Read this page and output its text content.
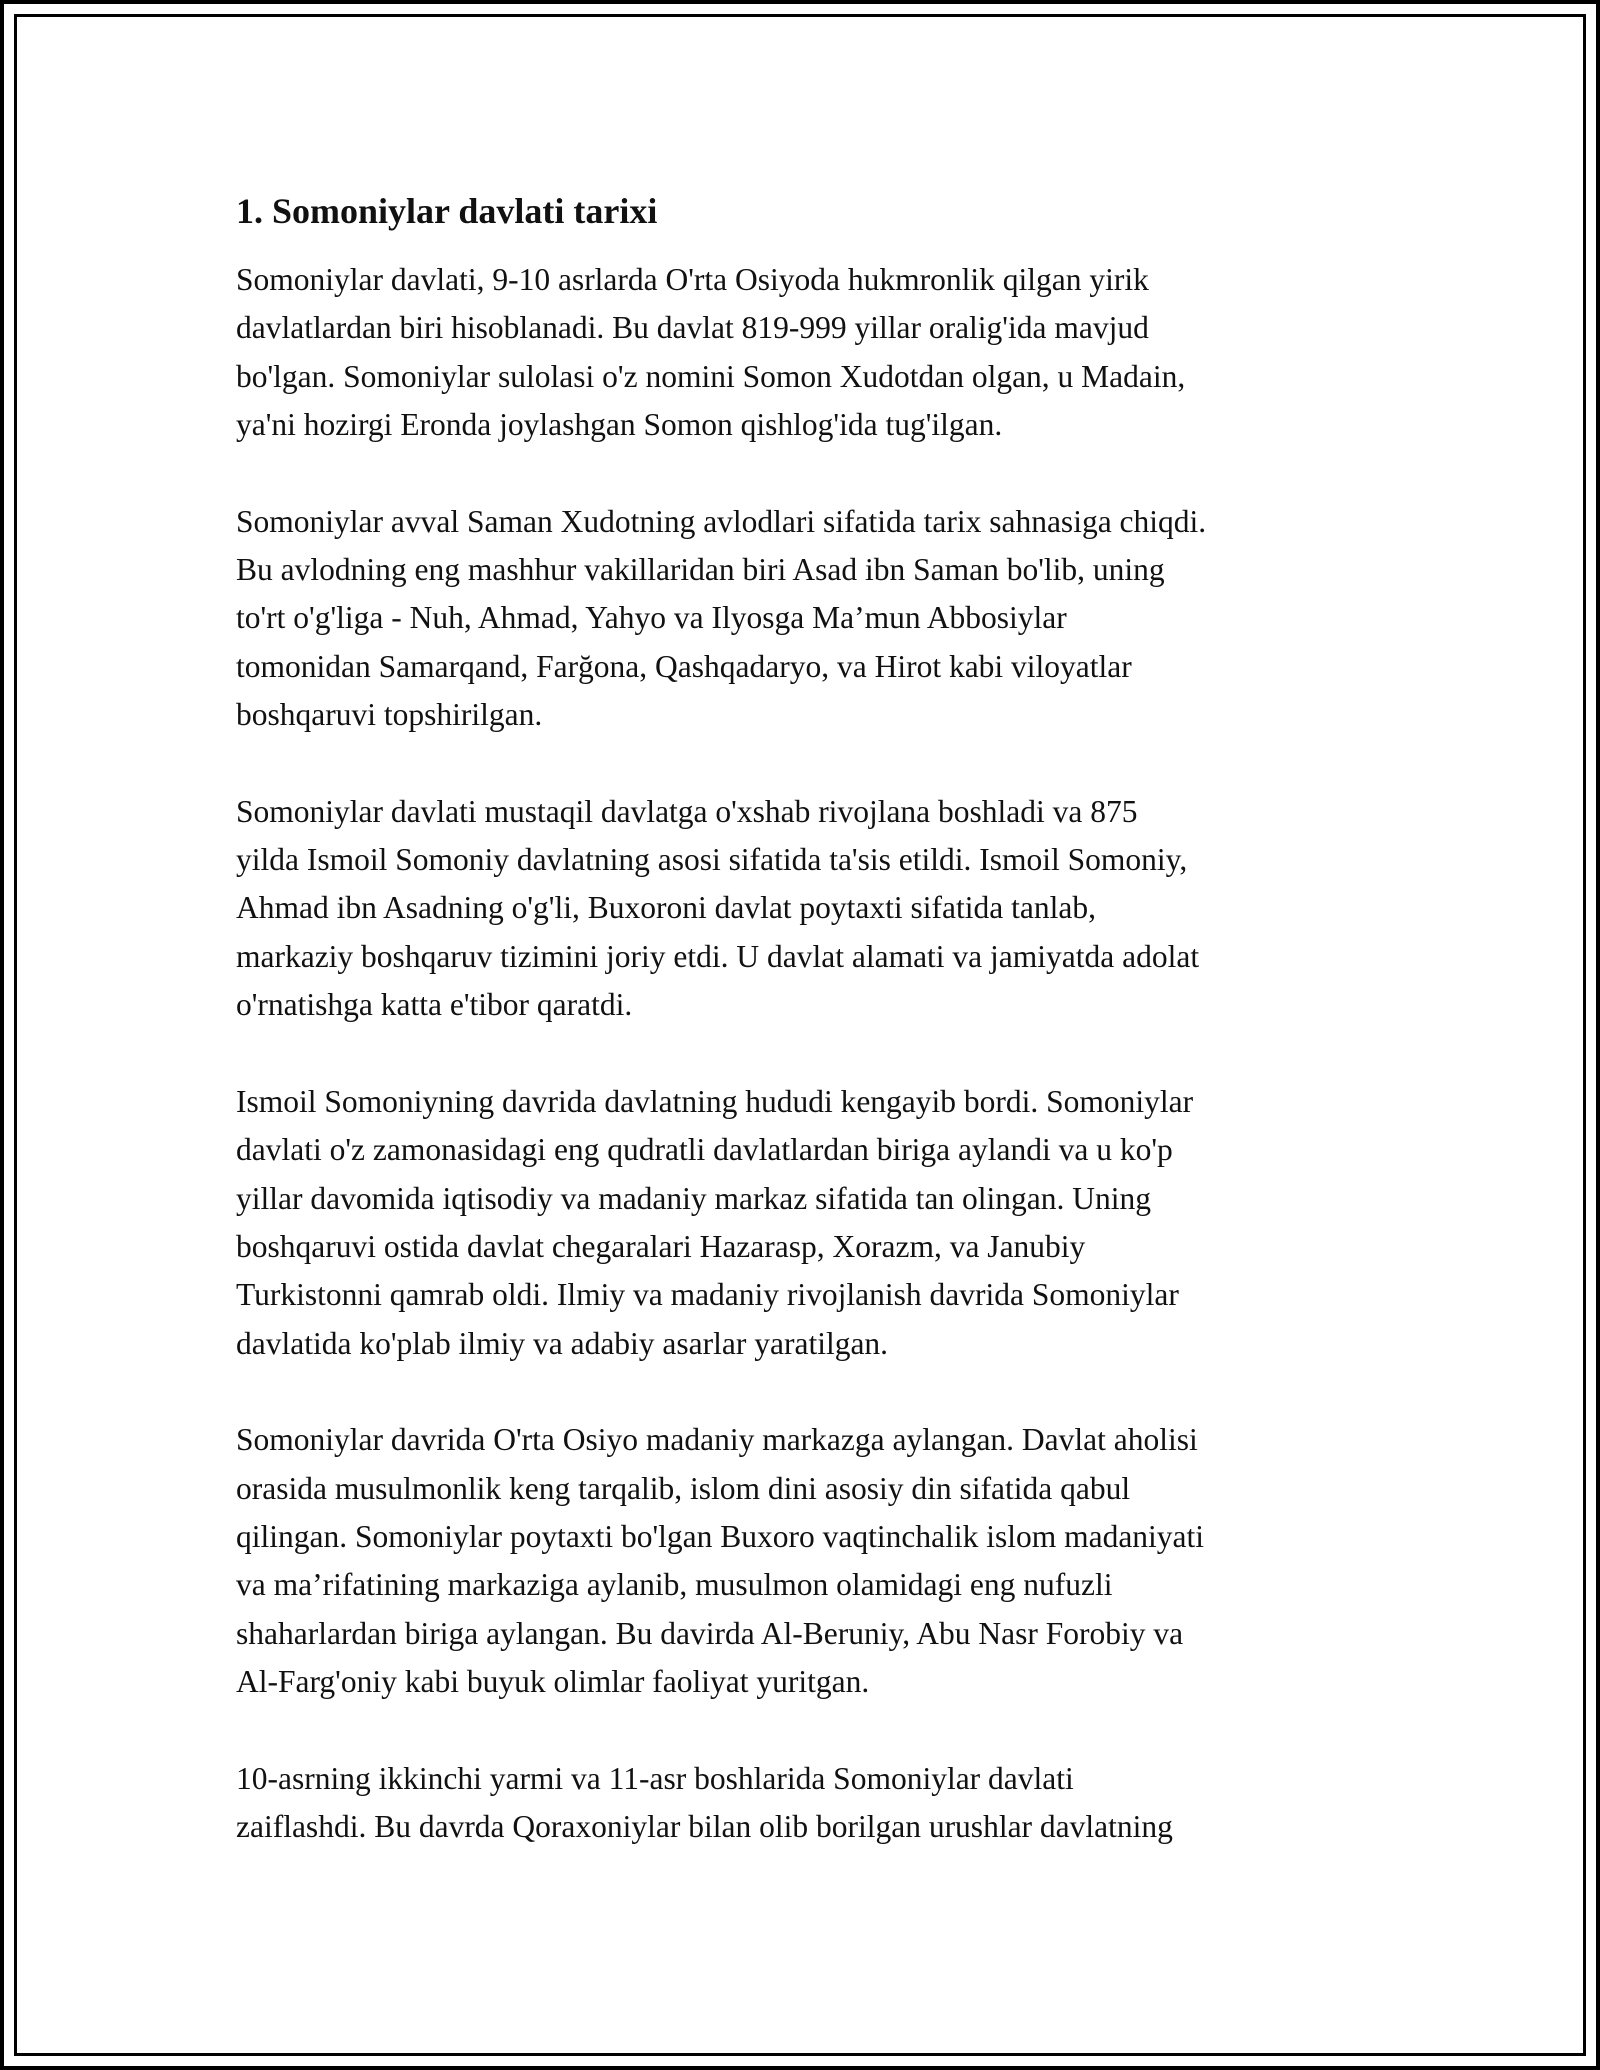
1. Somoniylar davlati tarixi

Somoniylar davlati, 9-10 asrlarda O'rta Osiyoda hukmronlik qilgan yirik
davlatlardan biri hisoblanadi. Bu davlat 819-999 yillar oralig'ida mavjud
bo'lgan. Somoniylar sulolasi o'z nomini Somon Xudotdan olgan, u Madain,
ya'ni hozirgi Eronda joylashgan Somon qishlog'ida tug'ilgan.

Somoniylar avval Saman Xudotning avlodlari sifatida tarix sahnasiga chiqdi.
Bu avlodning eng mashhur vakillaridan biri Asad ibn Saman bo'lib, uning
to'rt o'g'liga - Nuh, Ahmad, Yahyo va Ilyosga Ma’mun Abbosiylar
tomonidan Samarqand, Farğona, Qashqadaryo, va Hirot kabi viloyatlar
boshqaruvi topshirilgan.

Somoniylar davlati mustaqil davlatga o'xshab rivojlana boshladi va 875
yilda Ismoil Somoniy davlatning asosi sifatida ta'sis etildi. Ismoil Somoniy,
Ahmad ibn Asadning o'g'li, Buxoroni davlat poytaxti sifatida tanlab,
markaziy boshqaruv tizimini joriy etdi. U davlat alamati va jamiyatda adolat
o'rnatishga katta e'tibor qaratdi.

Ismoil Somoniyning davrida davlatning hududi kengayib bordi. Somoniylar
davlati o'z zamonasidagi eng qudratli davlatlardan biriga aylandi va u ko'p
yillar davomida iqtisodiy va madaniy markaz sifatida tan olingan. Uning
boshqaruvi ostida davlat chegaralari Hazarasp, Xorazm, va Janubiy
Turkistonni qamrab oldi. Ilmiy va madaniy rivojlanish davrida Somoniylar
davlatida ko'plab ilmiy va adabiy asarlar yaratilgan.

Somoniylar davrida O'rta Osiyo madaniy markazga aylangan. Davlat aholisi
orasida musulmonlik keng tarqalib, islom dini asosiy din sifatida qabul
qilingan. Somoniylar poytaxti bo'lgan Buxoro vaqtinchalik islom madaniyati
va ma’rifatining markaziga aylanib, musulmon olamidagi eng nufuzli
shaharlardan biriga aylangan. Bu davirda Al-Beruniy, Abu Nasr Forobiy va
Al-Farg'oniy kabi buyuk olimlar faoliyat yuritgan.

10-asrning ikkinchi yarmi va 11-asr boshlarida Somoniylar davlati
zaiflashdi. Bu davrda Qoraxoniylar bilan olib borilgan urushlar davlatning
